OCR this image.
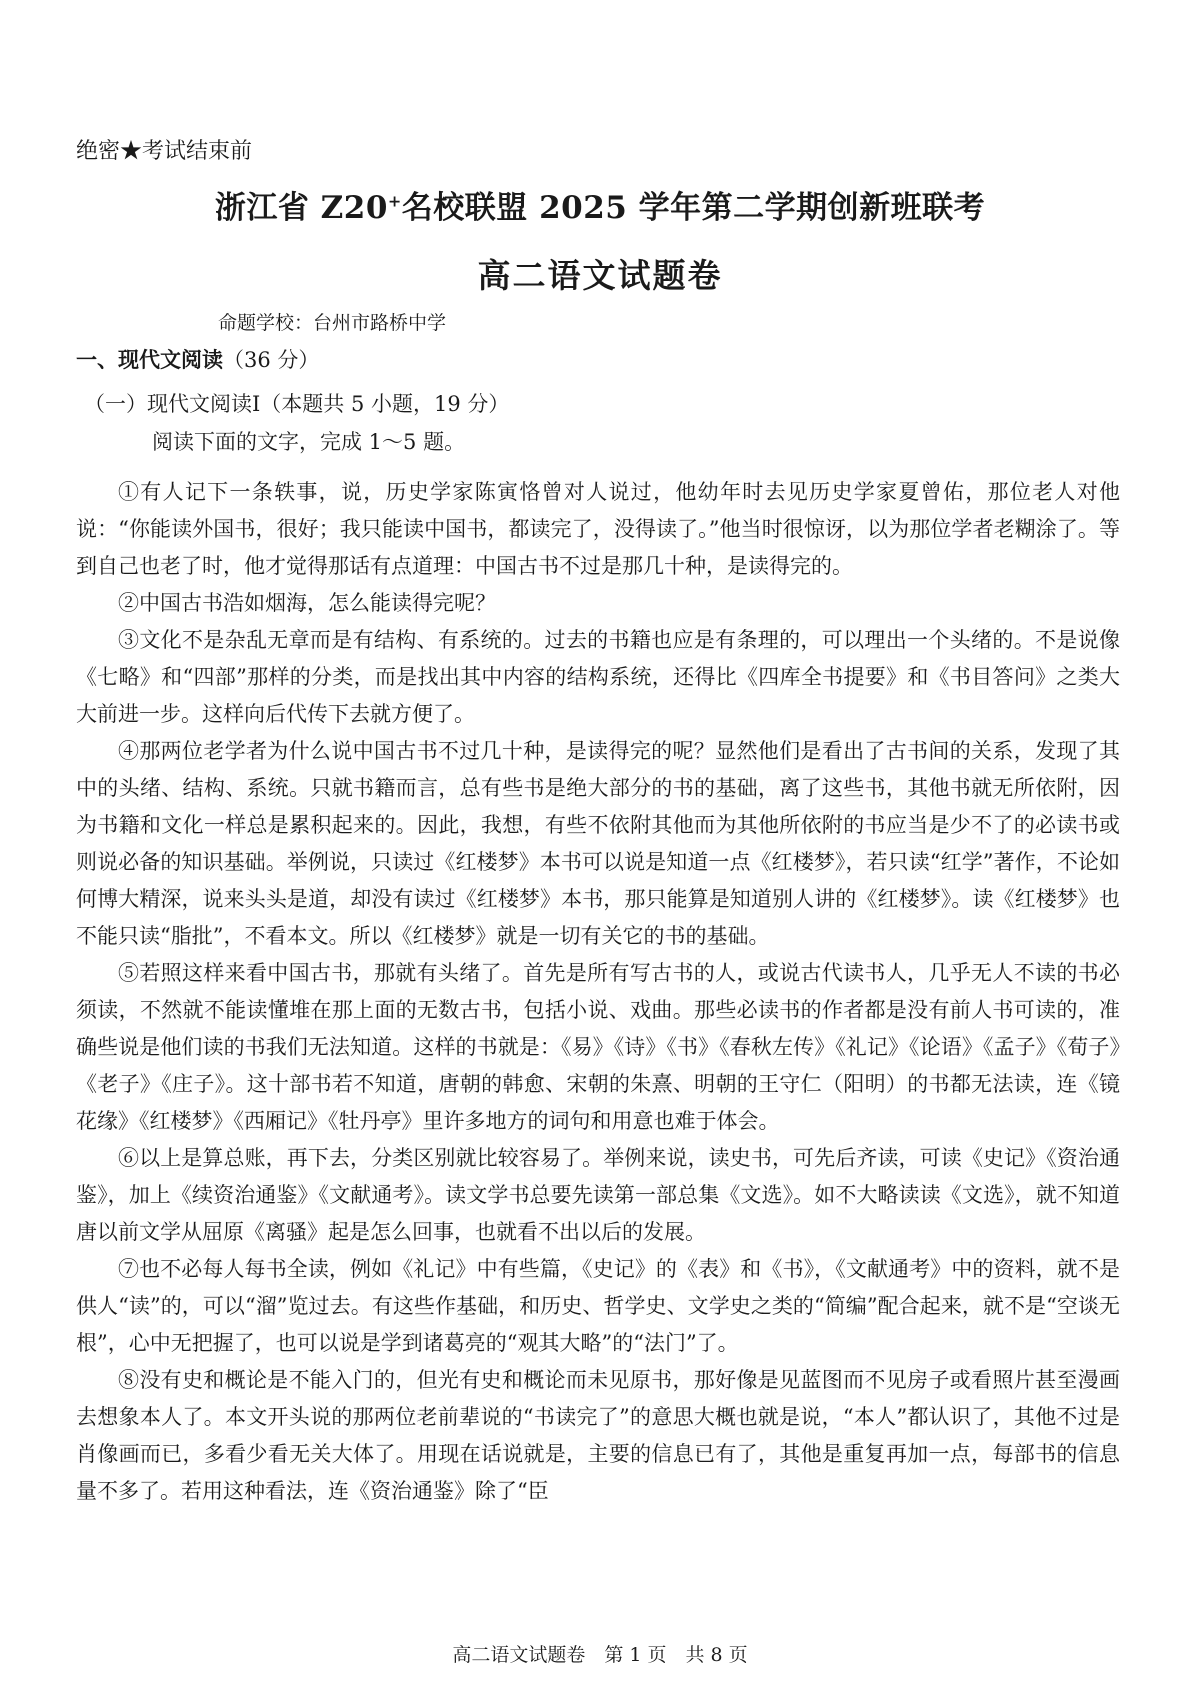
绝密★考试结束前
浙江省 Z20+名校联盟 2025 学年第二学期创新班联考
高二语文试题卷
命题学校：台州市路桥中学
一、现代文阅读（36 分）
（一）现代文阅读Ⅰ（本题共 5 小题，19 分）
阅读下面的文字，完成 1～5 题。

①有人记下一条轶事，说，历史学家陈寅恪曾对人说过，他幼年时去见历史学家夏曾佑，那位老人对他说：“你能读外国书，很好；我只能读中国书，都读完了，没得读了。”他当时很惊讶，以为那位学者老糊涂了。等到自己也老了时，他才觉得那话有点道理：中国古书不过是那几十种，是读得完的。

②中国古书浩如烟海，怎么能读得完呢？

③文化不是杂乱无章而是有结构、有系统的。过去的书籍也应是有条理的，可以理出一个头绪的。不是说像《七略》和“四部”那样的分类，而是找出其中内容的结构系统，还得比《四库全书提要》和《书目答问》之类大大前进一步。这样向后代传下去就方便了。

④那两位老学者为什么说中国古书不过几十种，是读得完的呢？显然他们是看出了古书间的关系，发现了其中的头绪、结构、系统。只就书籍而言，总有些书是绝大部分的书的基础，离了这些书，其他书就无所依附，因为书籍和文化一样总是累积起来的。因此，我想，有些不依附其他而为其他所依附的书应当是少不了的必读书或则说必备的知识基础。举例说，只读过《红楼梦》本书可以说是知道一点《红楼梦》，若只读“红学”著作，不论如何博大精深，说来头头是道，却没有读过《红楼梦》本书，那只能算是知道别人讲的《红楼梦》。读《红楼梦》也不能只读“脂批”，不看本文。所以《红楼梦》就是一切有关它的书的基础。

⑤若照这样来看中国古书，那就有头绪了。首先是所有写古书的人，或说古代读书人，几乎无人不读的书必须读，不然就不能读懂堆在那上面的无数古书，包括小说、戏曲。那些必读书的作者都是没有前人书可读的，准确些说是他们读的书我们无法知道。这样的书就是：《易》《诗》《书》《春秋左传》《礼记》《论语》《孟子》《荀子》《老子》《庄子》。这十部书若不知道，唐朝的韩愈、宋朝的朱熹、明朝的王守仁（阳明）的书都无法读，连《镜花缘》《红楼梦》《西厢记》《牡丹亭》里许多地方的词句和用意也难于体会。

⑥以上是算总账，再下去，分类区别就比较容易了。举例来说，读史书，可先后齐读，可读《史记》《资治通鉴》，加上《续资治通鉴》《文献通考》。读文学书总要先读第一部总集《文选》。如不大略读读《文选》，就不知道唐以前文学从屈原《离骚》起是怎么回事，也就看不出以后的发展。

⑦也不必每人每书全读，例如《礼记》中有些篇，《史记》的《表》和《书》，《文献通考》中的资料，就不是供人“读”的，可以“溜”览过去。有这些作基础，和历史、哲学史、文学史之类的“简编”配合起来，就不是“空谈无根”，心中无把握了，也可以说是学到诸葛亮的“观其大略”的“法门”了。

⑧没有史和概论是不能入门的，但光有史和概论而未见原书，那好像是见蓝图而不见房子或看照片甚至漫画去想象本人了。本文开头说的那两位老前辈说的“书读完了”的意思大概也就是说，“本人”都认识了，其他不过是肖像画而已，多看少看无关大体了。用现在话说就是，主要的信息已有了，其他是重复再加一点，每部书的信息量不多了。若用这种看法，连《资治通鉴》除了“臣

高二语文试题卷　第 1 页　共 8 页
